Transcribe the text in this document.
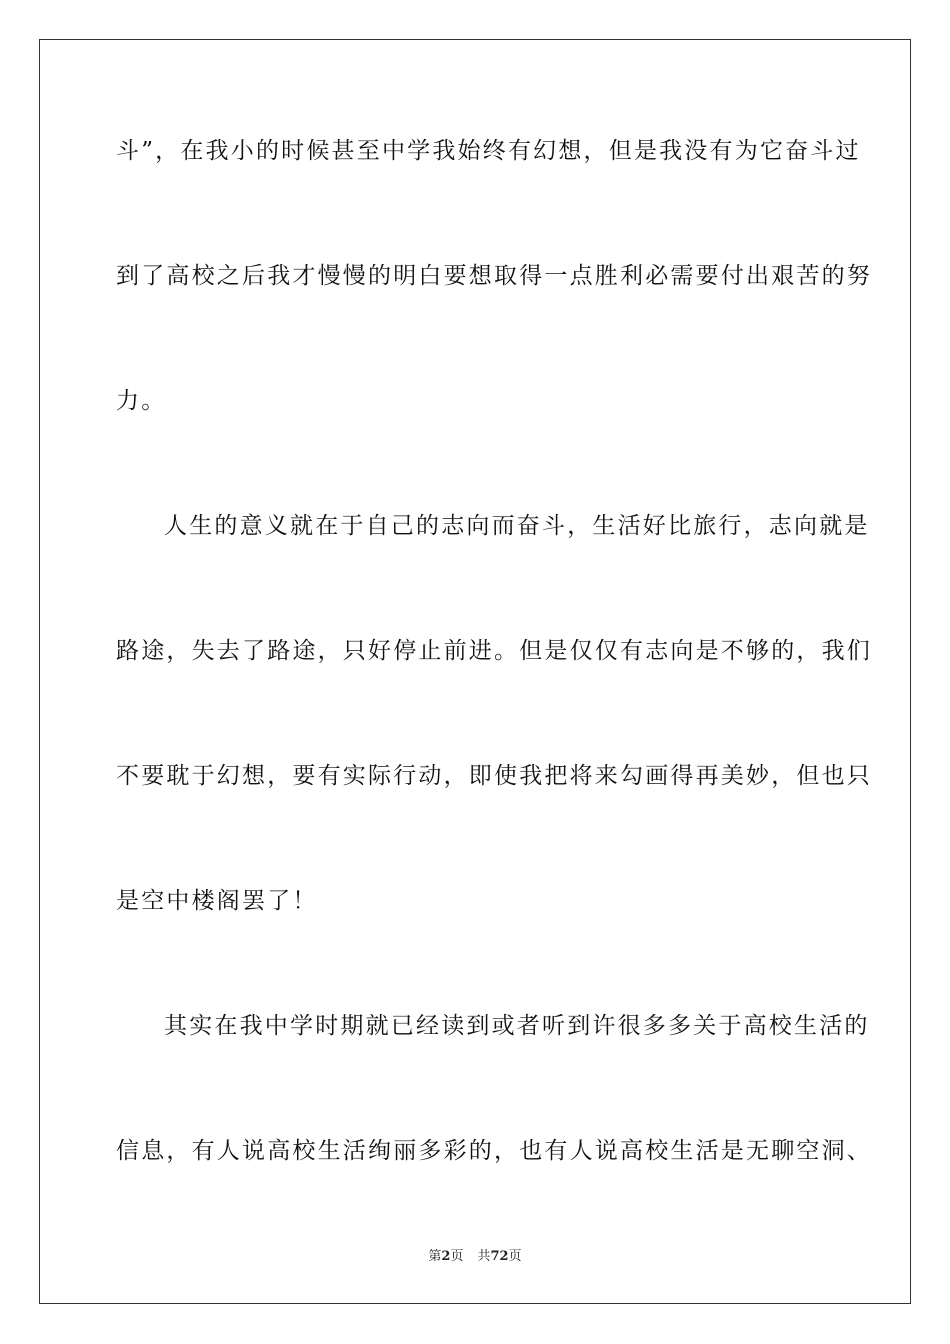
斗”，在我小的时候甚至中学我始终有幻想，但是我没有为它奋斗过
到了高校之后我才慢慢的明白要想取得一点胜利必需要付出艰苦的努
力。
人生的意义就在于自己的志向而奋斗，生活好比旅行，志向就是
路途，失去了路途，只好停止前进。但是仅仅有志向是不够的，我们
不要耽于幻想，要有实际行动，即使我把将来勾画得再美妙，但也只
是空中楼阁罢了！
其实在我中学时期就已经读到或者听到许很多多关于高校生活的
信息，有人说高校生活绚丽多彩的，也有人说高校生活是无聊空洞、
第2页 共72页
